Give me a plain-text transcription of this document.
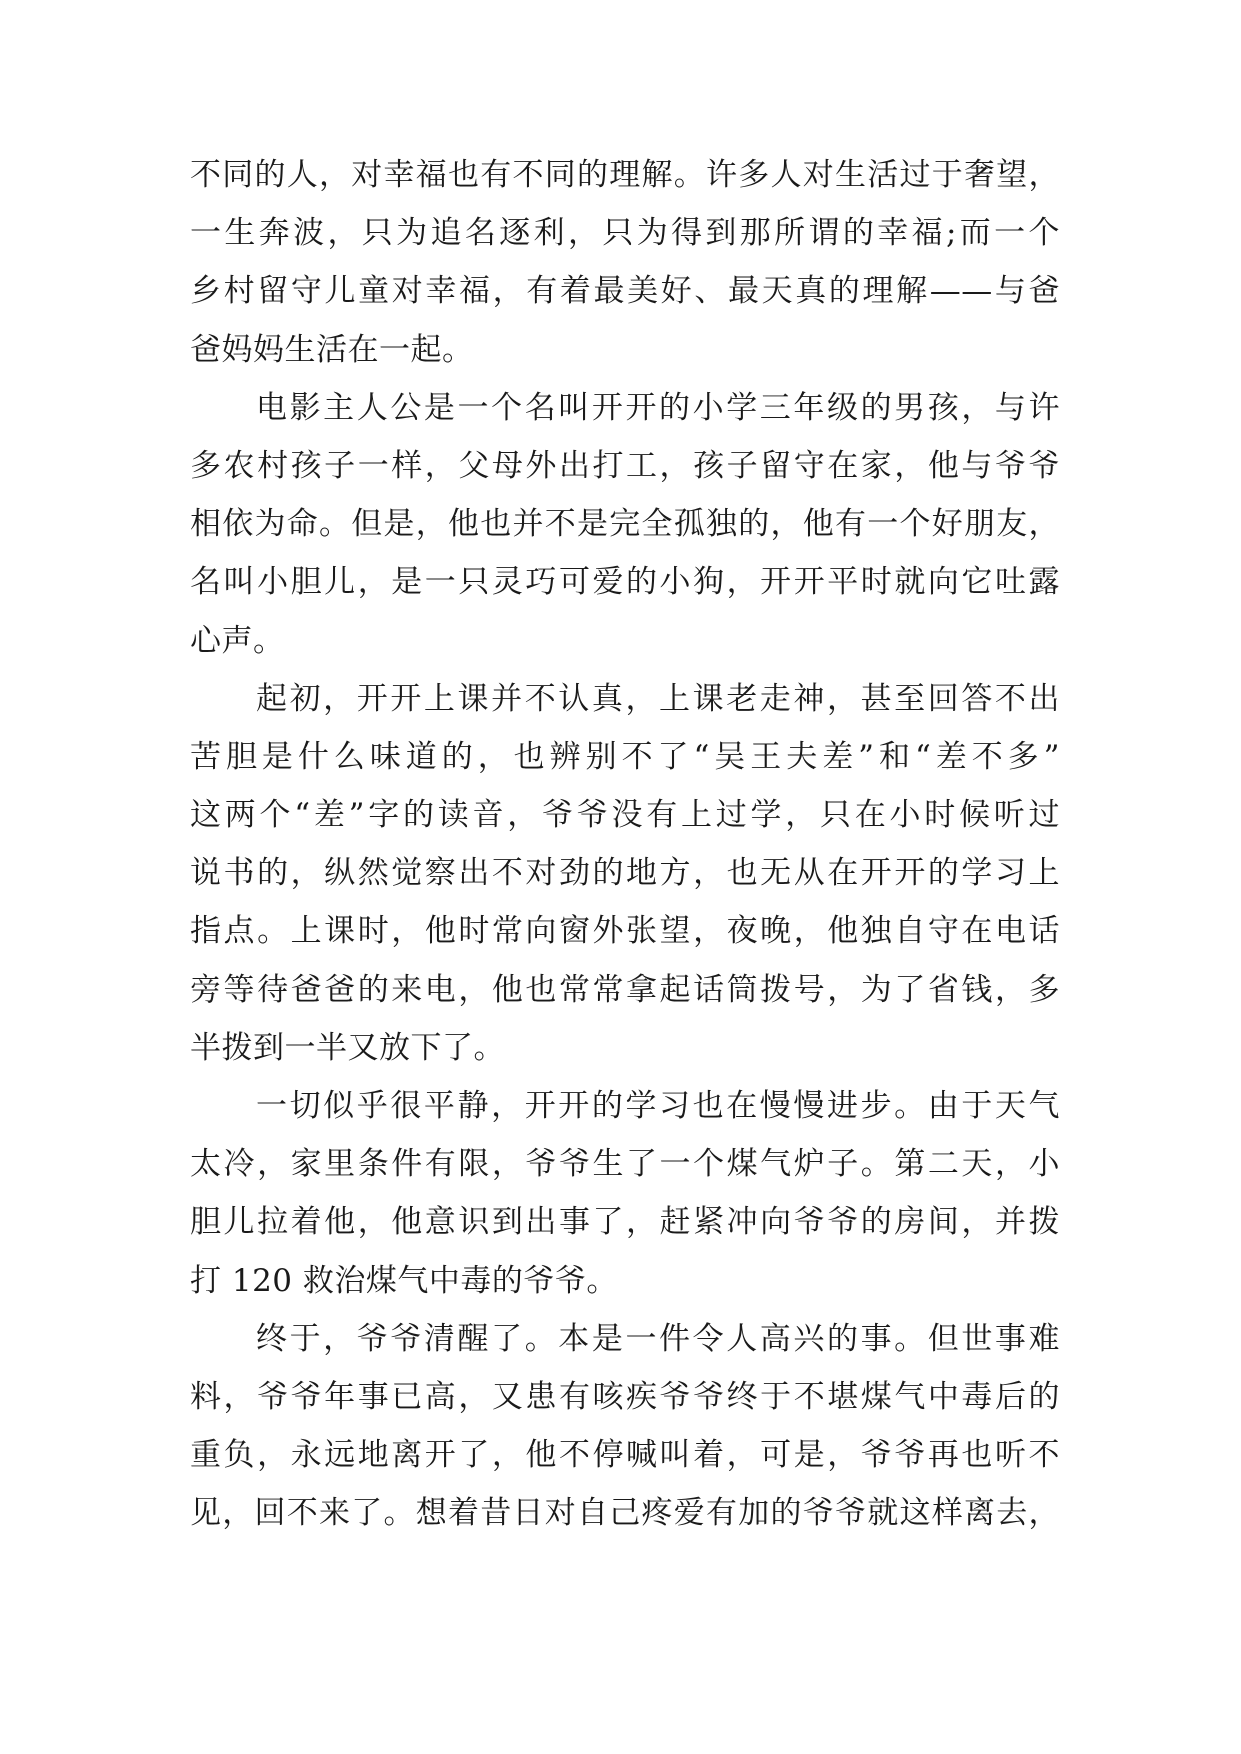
不同的人，对幸福也有不同的理解。许多人对生活过于奢望，
一生奔波，只为追名逐利，只为得到那所谓的幸福;而一个
乡村留守儿童对幸福，有着最美好、最天真的理解——与爸
爸妈妈生活在一起。
电影主人公是一个名叫开开的小学三年级的男孩，与许
多农村孩子一样，父母外出打工，孩子留守在家，他与爷爷
相依为命。但是，他也并不是完全孤独的，他有一个好朋友，
名叫小胆儿，是一只灵巧可爱的小狗，开开平时就向它吐露
心声。
起初，开开上课并不认真，上课老走神，甚至回答不出
苦胆是什么味道的，也辨别不了“吴王夫差”和“差不多”
这两个“差”字的读音，爷爷没有上过学，只在小时候听过
说书的，纵然觉察出不对劲的地方，也无从在开开的学习上
指点。上课时，他时常向窗外张望，夜晚，他独自守在电话
旁等待爸爸的来电，他也常常拿起话筒拨号，为了省钱，多
半拨到一半又放下了。
一切似乎很平静，开开的学习也在慢慢进步。由于天气
太冷，家里条件有限，爷爷生了一个煤气炉子。第二天，小
胆儿拉着他，他意识到出事了，赶紧冲向爷爷的房间，并拨
打 120 救治煤气中毒的爷爷。
终于，爷爷清醒了。本是一件令人高兴的事。但世事难
料，爷爷年事已高，又患有咳疾爷爷终于不堪煤气中毒后的
重负，永远地离开了，他不停喊叫着，可是，爷爷再也听不
见，回不来了。想着昔日对自己疼爱有加的爷爷就这样离去，
